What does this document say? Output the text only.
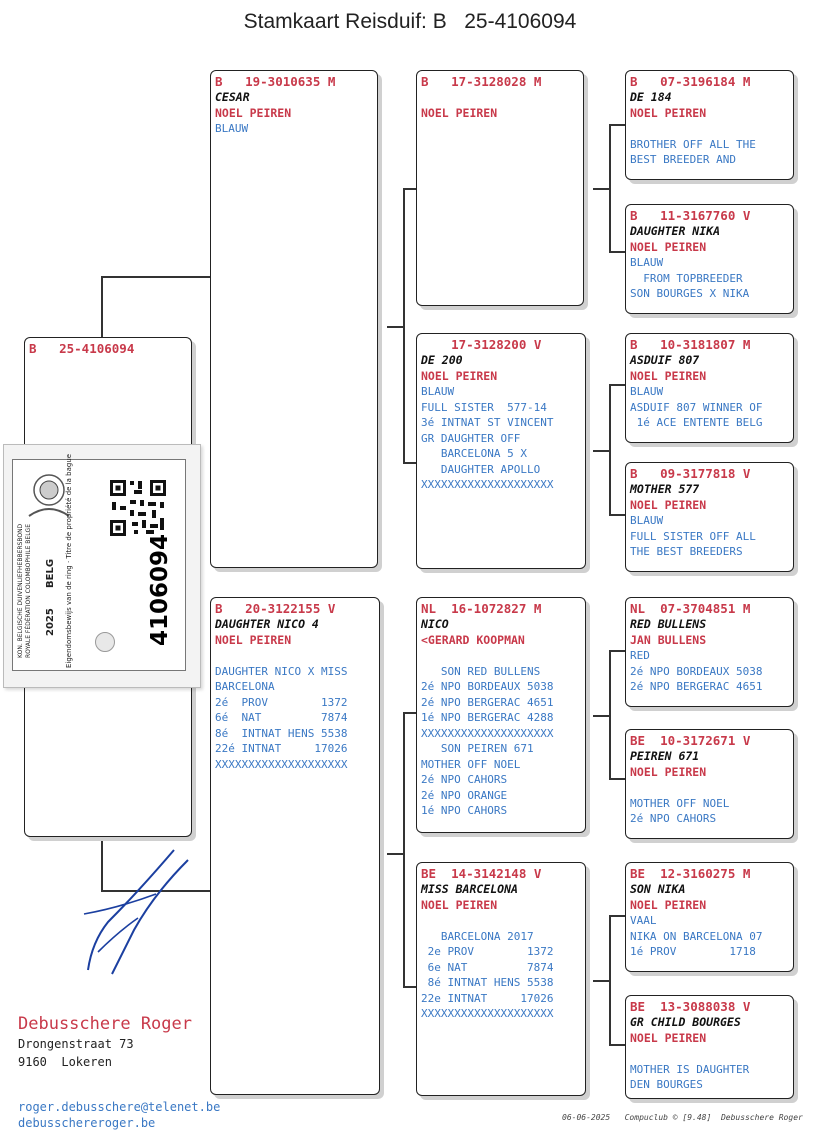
Stamkaart Reisduif: B   25-4106094
B   25-4106094
B   19-3010635 M
CESAR
NOEL PEIREN
BLAUW
B   20-3122155 V
DAUGHTER NICO 4
NOEL PEIREN

DAUGHTER NICO X MISS
BARCELONA
2é  PROV        1372
6é  NAT         7874
8é  INTNAT HENS 5538
22é INTNAT     17026
XXXXXXXXXXXXXXXXXXXX
B   17-3128028 M
NOEL PEIREN
17-3128200 V
DE 200
NOEL PEIREN
BLAUW
FULL SISTER  577-14
3é INTNAT ST VINCENT
GR DAUGHTER OFF
BARCELONA 5 X
DAUGHTER APOLLO
XXXXXXXXXXXXXXXXXXXX
NL  16-1072827 M
NICO
<GERARD KOOPMAN

SON RED BULLENS
2é NPO BORDEAUX 5038
2é NPO BERGERAC 4651
1é NPO BERGERAC 4288
XXXXXXXXXXXXXXXXXXXX
SON PEIREN 671
MOTHER OFF NOEL
2é NPO CAHORS
2é NPO ORANGE
1é NPO CAHORS
BE  14-3142148 V
MISS BARCELONA
NOEL PEIREN

BARCELONA 2017
2e PROV        1372
6e NAT         7874
8é INTNAT HENS 5538
22e INTNAT     17026
XXXXXXXXXXXXXXXXXXXX
B   07-3196184 M
DE 184
NOEL PEIREN

BROTHER OFF ALL THE
BEST BREEDER AND
B   11-3167760 V
DAUGHTER NIKA
NOEL PEIREN
BLAUW
FROM TOPBREEDER
SON BOURGES X NIKA
B   10-3181807 M
ASDUIF 807
NOEL PEIREN
BLAUW
ASDUIF 807 WINNER OF
1é ACE ENTENTE BELG
B   09-3177818 V
MOTHER 577
NOEL PEIREN
BLAUW
FULL SISTER OFF ALL
THE BEST BREEDERS
NL  07-3704851 M
RED BULLENS
JAN BULLENS
RED
2é NPO BORDEAUX 5038
2é NPO BERGERAC 4651
BE  10-3172671 V
PEIREN 671
NOEL PEIREN

MOTHER OFF NOEL
2é NPO CAHORS
BE  12-3160275 M
SON NIKA
NOEL PEIREN
VAAL
NIKA ON BARCELONA 07
1é PROV        1718
BE  13-3088038 V
GR CHILD BOURGES
NOEL PEIREN

MOTHER IS DAUGHTER
DEN BOURGES
KON. BELGISCHE DUIVENLIEFHEBBERSBOND ROYALE FÉDÉRATION COLOMBOPHILE BELGE BELG
2025 Eigendomsbewijs van de ring · Titre de propriété de la bague	4106094
Debusschere Roger
Drongenstraat 73
9160  Lokeren
roger.debusschere@telenet.be
debusschereroger.be	06-06-2025   Compuclub © [9.48]  Debusschere Roger
